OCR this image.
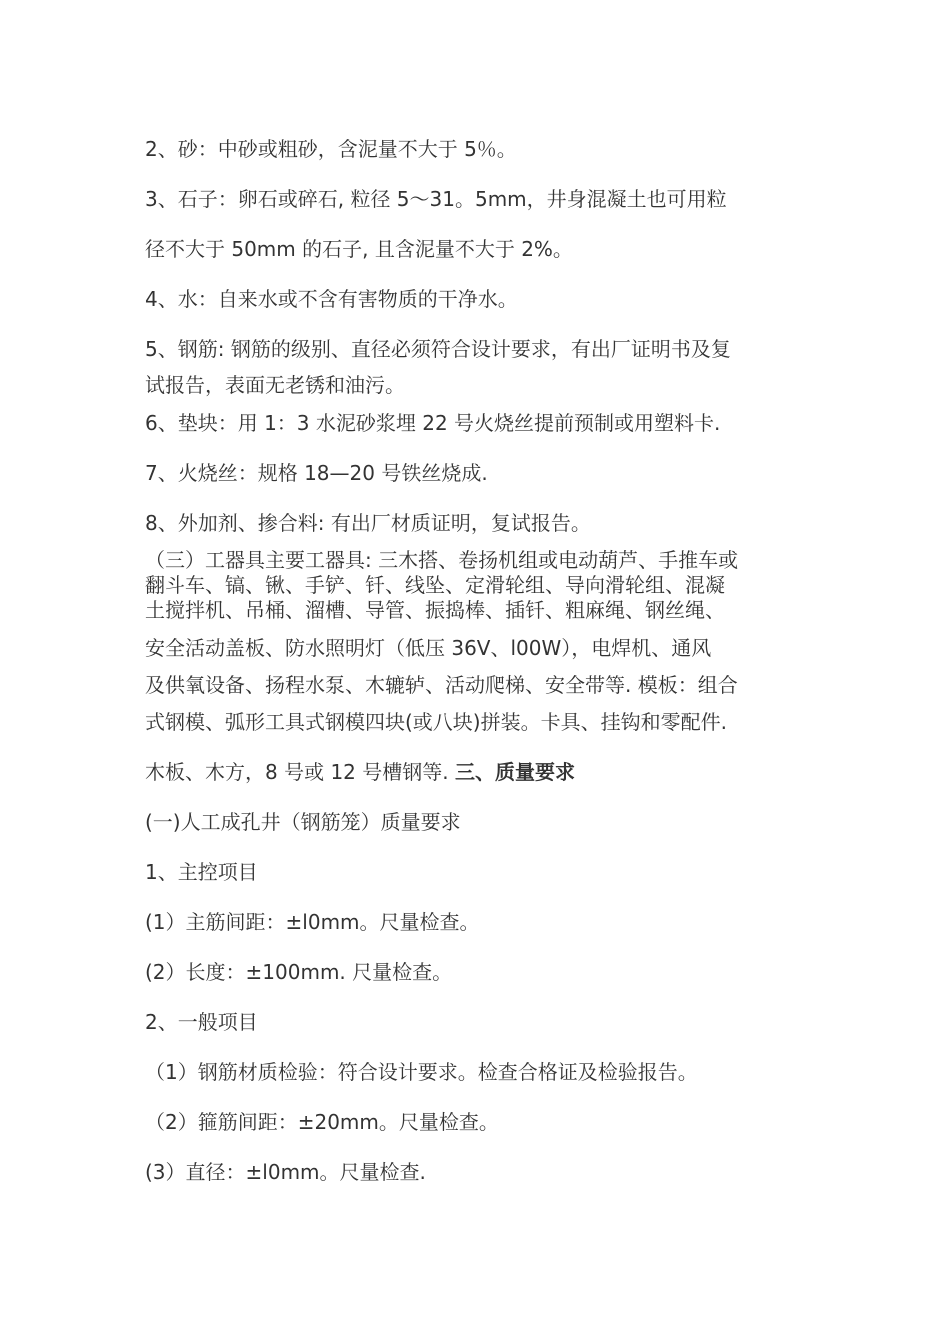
2、砂：中砂或粗砂，含泥量不大于 5％。
3、石子：卵石或碎石, 粒径 5～31。5mm，井身混凝土也可用粒
径不大于 50mm 的石子, 且含泥量不大于 2%。
4、水：自来水或不含有害物质的干净水。
5、钢筋: 钢筋的级别、直径必须符合设计要求，有出厂证明书及复
试报告，表面无老锈和油污。
6、垫块：用 1：3 水泥砂浆埋 22 号火烧丝提前预制或用塑料卡.
7、火烧丝：规格 18—20 号铁丝烧成.
8、外加剂、掺合料: 有出厂材质证明，复试报告。
（三）工器具主要工器具: 三木搭、卷扬机组或电动葫芦、手推车或
翻斗车、镐、锹、手铲、钎、线坠、定滑轮组、导向滑轮组、混凝
土搅拌机、吊桶、溜槽、导管、振捣棒、插钎、粗麻绳、钢丝绳、
安全活动盖板、防水照明灯（低压 36V、l00W），电焊机、通风
及供氧设备、扬程水泵、木辘轳、活动爬梯、安全带等. 模板：组合
式钢模、弧形工具式钢模四块(或八块)拼装。卡具、挂钩和零配件.
木板、木方，8 号或 12 号槽钢等. 三、质量要求
(一)人工成孔井（钢筋笼）质量要求
1、主控项目
(1）主筋间距：±l0mm。尺量检查。
(2）长度：±100mm. 尺量检查。
2、一般项目
（1）钢筋材质检验：符合设计要求。检查合格证及检验报告。
（2）箍筋间距：±20mm。尺量检查。
(3）直径：±l0mm。尺量检查.
